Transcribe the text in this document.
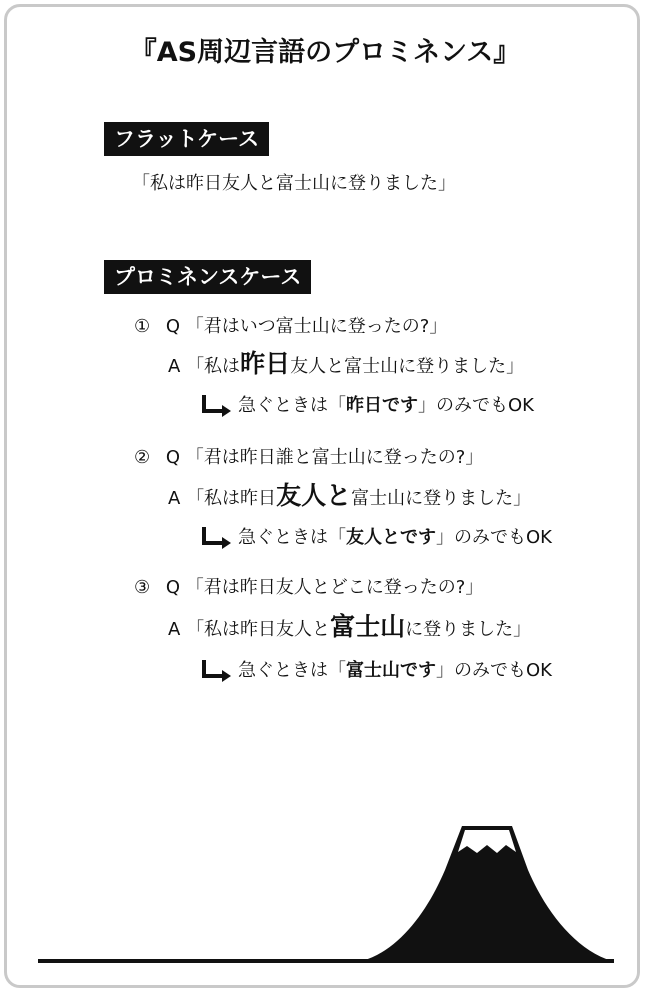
『AS周辺言語のプロミネンス』
フラットケース
「私は昨日友人と富士山に登りました」
プロミネンスケース
① Q 「君はいつ富士山に登ったの?」
A 「私は昨日友人と富士山に登りました」
急ぐときは「昨日です」のみでもOK
② Q 「君は昨日誰と富士山に登ったの?」
A 「私は昨日友人と富士山に登りました」
急ぐときは「友人とです」のみでもOK
③ Q 「君は昨日友人とどこに登ったの?」
A 「私は昨日友人と富士山に登りました」
急ぐときは「富士山です」のみでもOK
